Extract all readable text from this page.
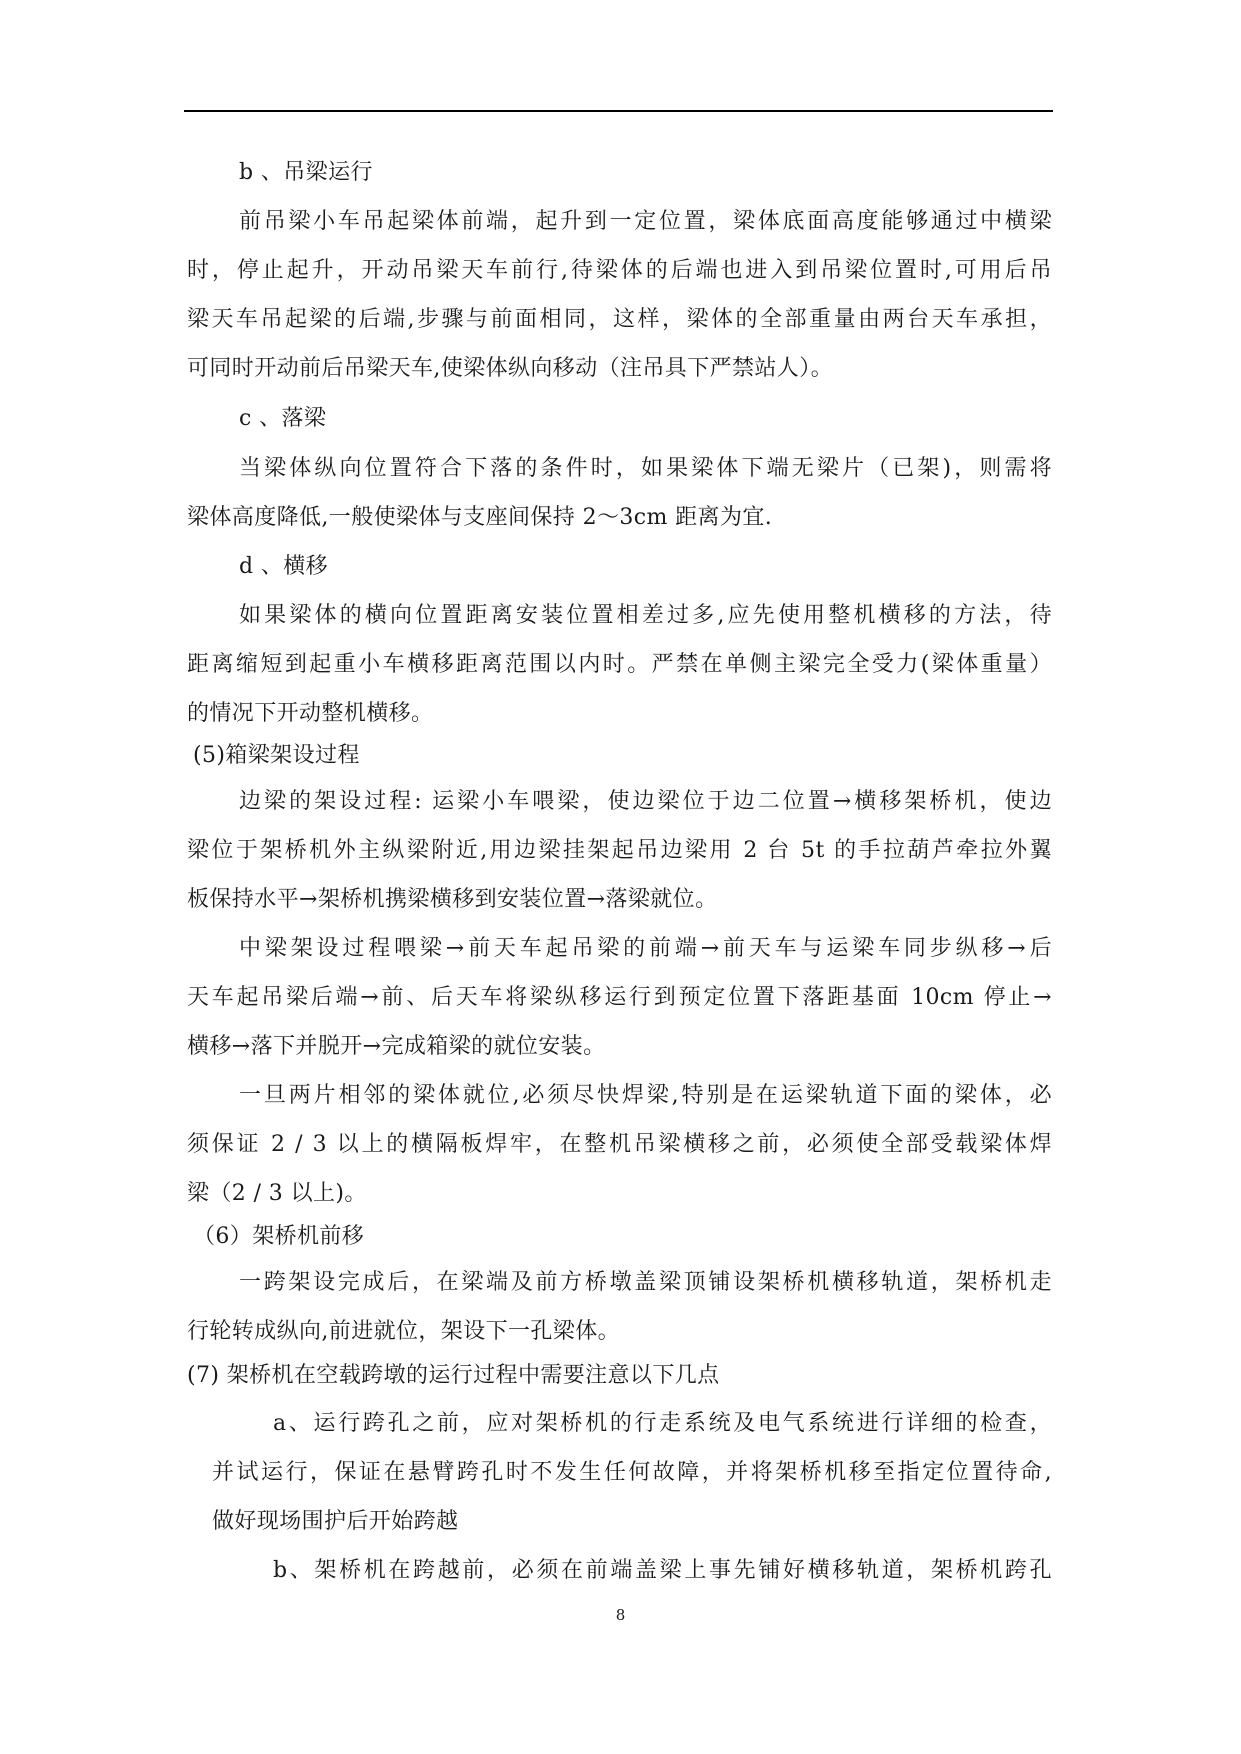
b 、吊梁运行
前吊梁小车吊起梁体前端，起升到一定位置，梁体底面高度能够通过中横梁
时，停止起升，开动吊梁天车前行,待梁体的后端也进入到吊梁位置时,可用后吊
梁天车吊起梁的后端,步骤与前面相同，这样，梁体的全部重量由两台天车承担，
可同时开动前后吊梁天车,使梁体纵向移动（注吊具下严禁站人）。
c 、落梁
当梁体纵向位置符合下落的条件时，如果梁体下端无梁片（已架)，则需将
梁体高度降低,一般使梁体与支座间保持 2～3cm 距离为宜.
d 、横移
如果梁体的横向位置距离安装位置相差过多,应先使用整机横移的方法，待
距离缩短到起重小车横移距离范围以内时。严禁在单侧主梁完全受力(梁体重量）
的情况下开动整机横移。
(5)箱梁架设过程
边梁的架设过程: 运梁小车喂梁，使边梁位于边二位置→横移架桥机，使边
梁位于架桥机外主纵梁附近,用边梁挂架起吊边梁用 2 台 5t 的手拉葫芦牵拉外翼
板保持水平→架桥机携梁横移到安装位置→落梁就位。
中梁架设过程喂梁→前天车起吊梁的前端→前天车与运梁车同步纵移→后
天车起吊梁后端→前、后天车将梁纵移运行到预定位置下落距基面 10cm 停止→
横移→落下并脱开→完成箱梁的就位安装。
一旦两片相邻的梁体就位,必须尽快焊梁,特别是在运梁轨道下面的梁体，必
须保证 2 / 3 以上的横隔板焊牢，在整机吊梁横移之前，必须使全部受载梁体焊
梁（2 / 3 以上)。
（6）架桥机前移
一跨架设完成后，在梁端及前方桥墩盖梁顶铺设架桥机横移轨道，架桥机走
行轮转成纵向,前进就位，架设下一孔梁体。
(7) 架桥机在空载跨墩的运行过程中需要注意以下几点
a、运行跨孔之前，应对架桥机的行走系统及电气系统进行详细的检查，
并试运行，保证在悬臂跨孔时不发生任何故障，并将架桥机移至指定位置待命,
做好现场围护后开始跨越
b、架桥机在跨越前，必须在前端盖梁上事先铺好横移轨道，架桥机跨孔
8
